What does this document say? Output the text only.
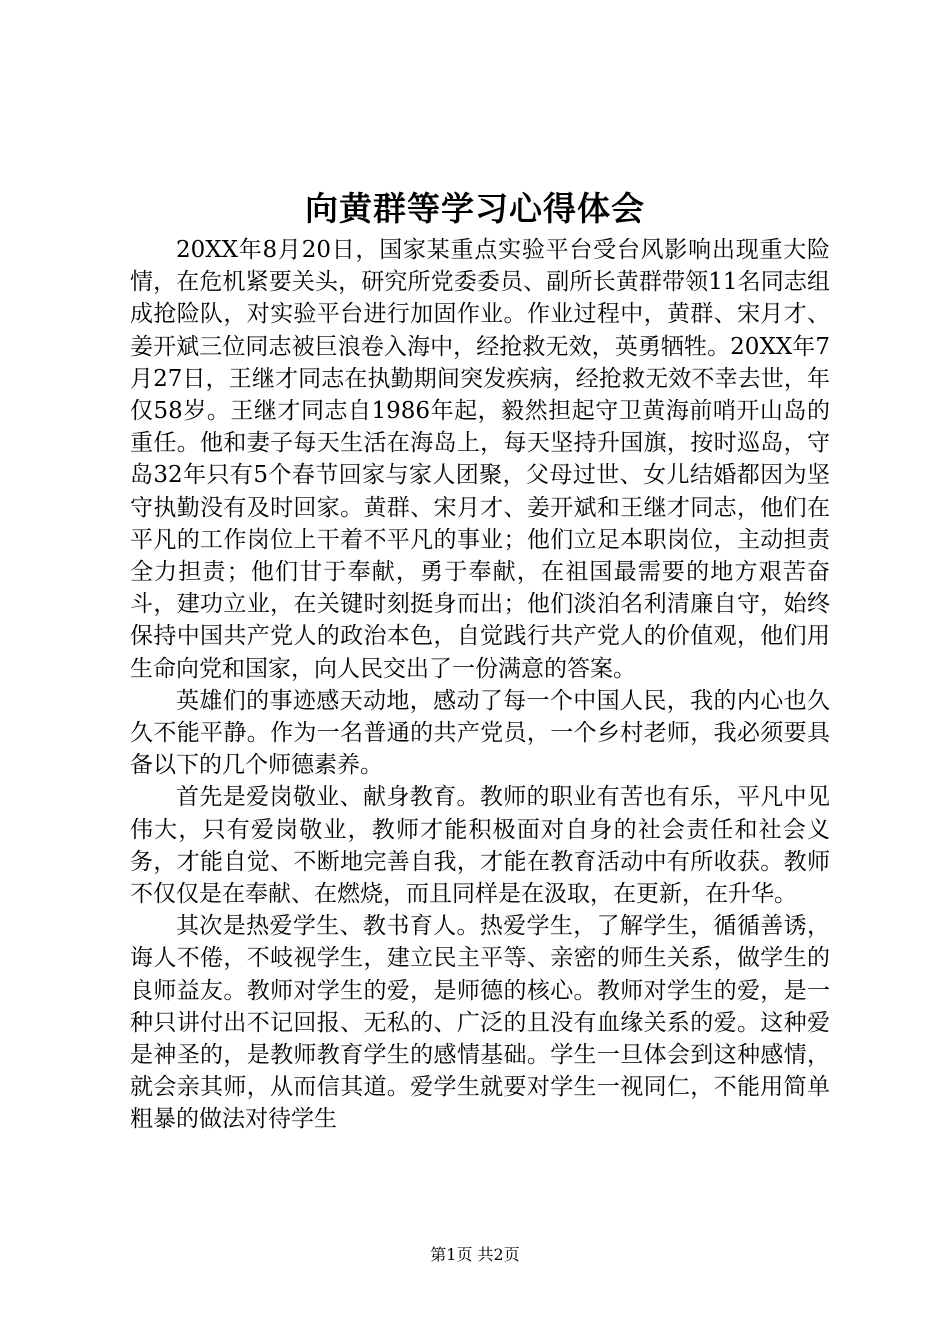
向黄群等学习心得体会

20XX年8月20日，国家某重点实验平台受台风影响出现重大险情，在危机紧要关头，研究所党委委员、副所长黄群带领11名同志组成抢险队，对实验平台进行加固作业。作业过程中，黄群、宋月才、姜开斌三位同志被巨浪卷入海中，经抢救无效，英勇牺牲。20XX年7月27日，王继才同志在执勤期间突发疾病，经抢救无效不幸去世，年仅58岁。王继才同志自1986年起，毅然担起守卫黄海前哨开山岛的重任。他和妻子每天生活在海岛上，每天坚持升国旗，按时巡岛，守岛32年只有5个春节回家与家人团聚，父母过世、女儿结婚都因为坚守执勤没有及时回家。黄群、宋月才、姜开斌和王继才同志，他们在平凡的工作岗位上干着不平凡的事业；他们立足本职岗位，主动担责全力担责；他们甘于奉献，勇于奉献，在祖国最需要的地方艰苦奋斗，建功立业，在关键时刻挺身而出；他们淡泊名利清廉自守，始终保持中国共产党人的政治本色，自觉践行共产党人的价值观，他们用生命向党和国家，向人民交出了一份满意的答案。

英雄们的事迹感天动地，感动了每一个中国人民，我的内心也久久不能平静。作为一名普通的共产党员，一个乡村老师，我必须要具备以下的几个师德素养。

首先是爱岗敬业、献身教育。教师的职业有苦也有乐，平凡中见伟大，只有爱岗敬业，教师才能积极面对自身的社会责任和社会义务，才能自觉、不断地完善自我，才能在教育活动中有所收获。教师不仅仅是在奉献、在燃烧，而且同样是在汲取，在更新，在升华。

其次是热爱学生、教书育人。热爱学生，了解学生，循循善诱，诲人不倦，不岐视学生，建立民主平等、亲密的师生关系，做学生的良师益友。教师对学生的爱，是师德的核心。教师对学生的爱，是一种只讲付出不记回报、无私的、广泛的且没有血缘关系的爱。这种爱是神圣的，是教师教育学生的感情基础。学生一旦体会到这种感情，就会亲其师，从而信其道。爱学生就要对学生一视同仁，不能用简单粗暴的做法对待学生

第1页 共2页
